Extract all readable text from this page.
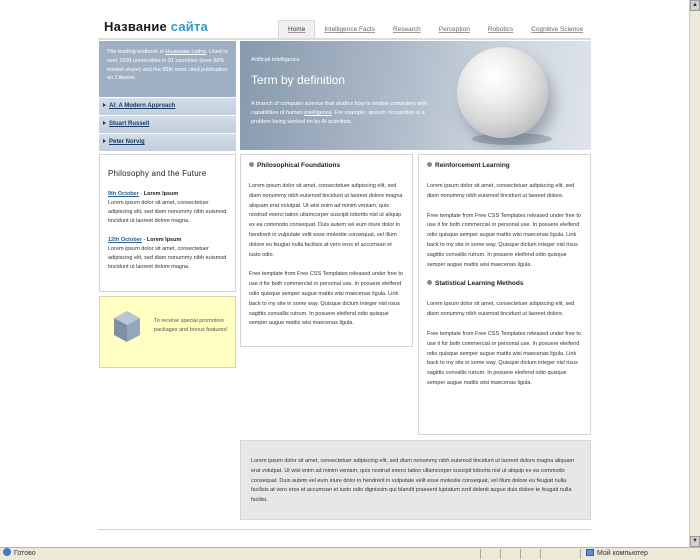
Название сайта	Home	Intelligence Facts	Research	Perception	Robotics	Cognitive Science
The leading textbook in Название сайта. Used in over 1000 universities in 91 countries (over 90% market share) and the 89th most cited publication on Citeseer.
AI: A Modern Approach
Stuart Russell
Peter Norvig
Artificial Intelligence
Term by definition
A branch of computer science that studies how to endow computers with capabilities of human intelligence. For example, speech recognition is a problem being worked on by AI scientists.
Philosophy and the Future
9th October - Lorem Ipsum

Lorem ipsum dolor sit amet, consectetuer adipiscing elit, sed diam nonummy nibh euismod tincidunt ut laoreet dolore magna.

12th October - Lorem Ipsum

Lorem ipsum dolor sit amet, consectetuer adipiscing elit, sed diam nonummy nibh euismod tincidunt ut laoreet dolore magna.

To receive special promotion packages and bonus features!
Philosophical Foundations

Lorem ipsum dolor sit amet, consectetuer adipiscing elit, sed diam nonummy nibh euismod tincidunt ut laoreet dolore magna aliquam erat volutpat. Ut wisi enim ad minim veniam, quis nostrud exerci tation ullamcorper suscipit lobortis nisl ut aliquip ex ea commodo consequat. Duis autem vel eum iriure dolor in hendrerit in vulputate velit esse molestie consequat, vel illum dolore eu feugiat nulla facilisis at vero eros et accumsan et iusto odio.

Free template from Free CSS Templates released under free to use it for both commercial or personal use. In posuere eleifend odio quisque semper augue mattis wisi maecenas ligula. Link back to my site in some way. Quisque dictum integer nisl risus sagittis convallis rutrum. In posuere eleifend odio quisque semper augue mattis wisi maecenas ligula.

Reinforcement Learning

Lorem ipsum dolor sit amet, consectetuer adipiscing elit, sed diam nonummy nibh euismod tincidunt ut laoreet dolore.

Free template from Free CSS Templates released under free to use it for both commercial or personal use. In posuere eleifend odio quisque semper augue mattis wisi maecenas ligula. Link back to my site in some way. Quisque dictum integer nisl risus sagittis convallis rutrum. In posuere eleifend odio quisque semper augue mattis wisi maecenas ligula.

Statistical Learning Methods

Lorem ipsum dolor sit amet, consectetuer adipiscing elit, sed diam nonummy nibh euismod tincidunt ut laoreet dolore.

Free template from Free CSS Templates released under free to use it for both commercial or personal use. In posuere eleifend odio quisque semper augue mattis wisi maecenas ligula. Link back to my site in some way. Quisque dictum integer nisl risus sagittis convallis rutrum. In posuere eleifend odio quisque semper augue mattis wisi maecenas ligula.

Lorem ipsum dolor sit amet, consectetuer adipiscing elit, sed diam nonummy nibh euismod tincidunt ut laoreet dolore magna aliquam erat volutpat. Ut wisi enim ad minim veniam, quis nostrud exerci tation ullamcorper suscipit lobortis nisl ut aliquip ex ea commodo consequat. Duis autem vel eum iriure dolor in hendrerit in vulputate velit esse molestie consequat, vel illum dolore eu feugiat nulla facilisis at vero eros et accumsan et iusto odio dignissim qui blandit praesent luptatum zzril delenit augue duis dolore te feugait nulla facilisi.
▲
▼
Готово	Мой компьютер
